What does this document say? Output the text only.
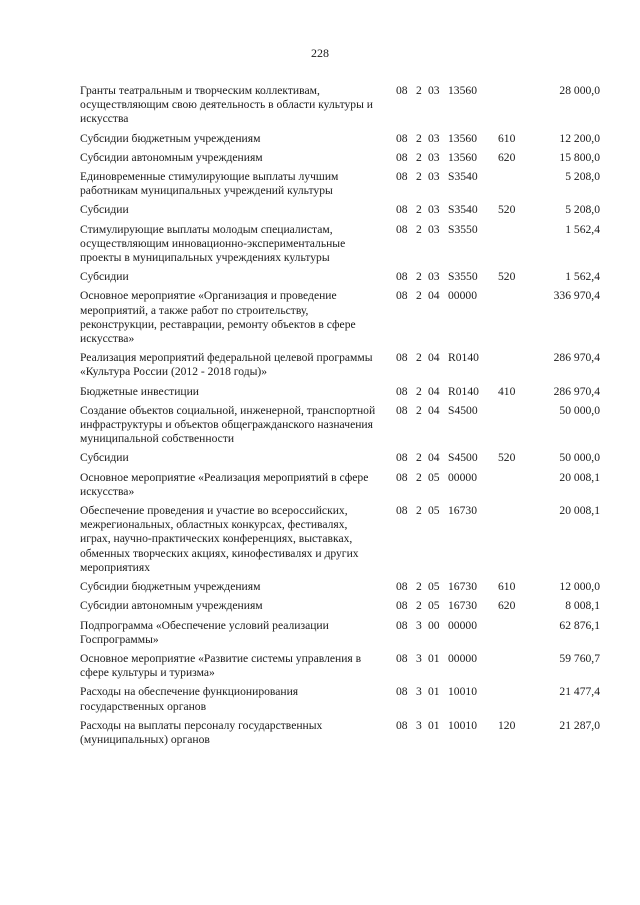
228
Гранты театральным и творческим коллективам, осуществляющим свою деятельность в области культуры и искусства
08 2 03 13560	28 000,0
Субсидии бюджетным учреждениям	08 2 03 13560 610	12 200,0
Субсидии автономным учреждениям	08 2 03 13560 620	15 800,0
Единовременные стимулирующие выплаты лучшим работникам муниципальных учреждений культуры
08 2 03 S3540	5 208,0
Субсидии	08 2 03 S3540 520	5 208,0
Стимулирующие выплаты молодым специалистам, осуществляющим инновационно-экспериментальные проекты в муниципальных учреждениях культуры
08 2 03 S3550	1 562,4
Субсидии	08 2 03 S3550 520	1 562,4
Основное мероприятие «Организация и проведение мероприятий, а также работ по строительству, реконструкции, реставрации, ремонту объектов в сфере искусства»
08 2 04 00000	336 970,4
Реализация мероприятий федеральной целевой программы «Культура России (2012 - 2018 годы)»
08 2 04 R0140	286 970,4
Бюджетные инвестиции	08 2 04 R0140 410	286 970,4
Создание объектов социальной, инженерной, транспортной инфраструктуры и объектов общегражданского назначения муниципальной собственности
08 2 04 S4500	50 000,0
Субсидии	08 2 04 S4500 520	50 000,0
Основное мероприятие «Реализация мероприятий в сфере искусства»
08 2 05 00000	20 008,1
Обеспечение проведения и участие во всероссийских, межрегиональных, областных конкурсах, фестивалях, играх, научно-практических конференциях, выставках, обменных творческих акциях, кинофестивалях и других мероприятиях
08 2 05 16730	20 008,1
Субсидии бюджетным учреждениям	08 2 05 16730 610	12 000,0
Субсидии автономным учреждениям	08 2 05 16730 620	8 008,1
Подпрограмма «Обеспечение условий реализации Госпрограммы»
08 3 00 00000	62 876,1
Основное мероприятие «Развитие системы управления в сфере культуры и туризма»
08 3 01 00000	59 760,7
Расходы на обеспечение функционирования государственных органов
08 3 01 10010	21 477,4
Расходы на выплаты персоналу государственных (муниципальных) органов
08 3 01 10010 120	21 287,0
